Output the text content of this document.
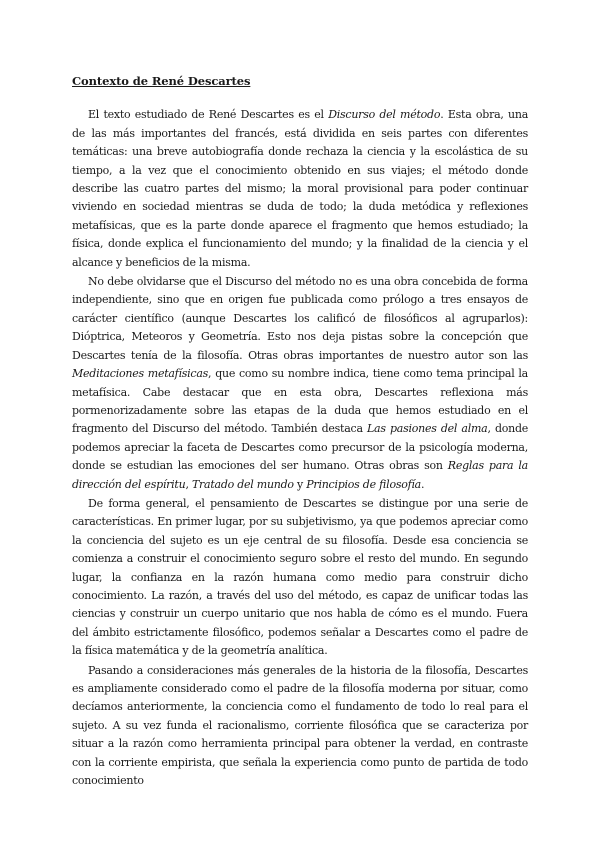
Contexto de René Descartes

El texto estudiado de René Descartes es el Discurso del método. Esta obra, una de las más importantes del francés, está dividida en seis partes con diferentes temáticas: una breve autobiografía donde rechaza la ciencia y la escolástica de su tiempo, a la vez que el conocimiento obtenido en sus viajes; el método donde describe las cuatro partes del mismo; la moral provisional para poder continuar viviendo en sociedad mientras se duda de todo; la duda metódica y reflexiones metafísicas, que es la parte donde aparece el fragmento que hemos estudiado; la física, donde explica el funcionamiento del mundo; y la finalidad de la ciencia y el alcance y beneficios de la misma.

No debe olvidarse que el Discurso del método no es una obra concebida de forma independiente, sino que en origen fue publicada como prólogo a tres ensayos de carácter científico (aunque Descartes los calificó de filosóficos al agruparlos): Dióptrica, Meteoros y Geometría. Esto nos deja pistas sobre la concepción que Descartes tenía de la filosofía. Otras obras importantes de nuestro autor son las Meditaciones metafísicas, que como su nombre indica, tiene como tema principal la metafísica. Cabe destacar que en esta obra, Descartes reflexiona más pormenorizadamente sobre las etapas de la duda que hemos estudiado en el fragmento del Discurso del método. También destaca Las pasiones del alma, donde podemos apreciar la faceta de Descartes como precursor de la psicología moderna, donde se estudian las emociones del ser humano. Otras obras son Reglas para la dirección del espíritu, Tratado del mundo y Principios de filosofía.

De forma general, el pensamiento de Descartes se distingue por una serie de características. En primer lugar, por su subjetivismo, ya que podemos apreciar como la conciencia del sujeto es un eje central de su filosofía. Desde esa conciencia se comienza a construir el conocimiento seguro sobre el resto del mundo. En segundo lugar, la confianza en la razón humana como medio para construir dicho conocimiento. La razón, a través del uso del método, es capaz de unificar todas las ciencias y construir un cuerpo unitario que nos habla de cómo es el mundo. Fuera del ámbito estrictamente filosófico, podemos señalar a Descartes como el padre de la física matemática y de la geometría analítica.

Pasando a consideraciones más generales de la historia de la filosofía, Descartes es ampliamente considerado como el padre de la filosofía moderna por situar, como decíamos anteriormente, la conciencia como el fundamento de todo lo real para el sujeto. A su vez funda el racionalismo, corriente filosófica que se caracteriza por situar a la razón como herramienta principal para obtener la verdad, en contraste con la corriente empirista, que señala la experiencia como punto de partida de todo conocimiento
